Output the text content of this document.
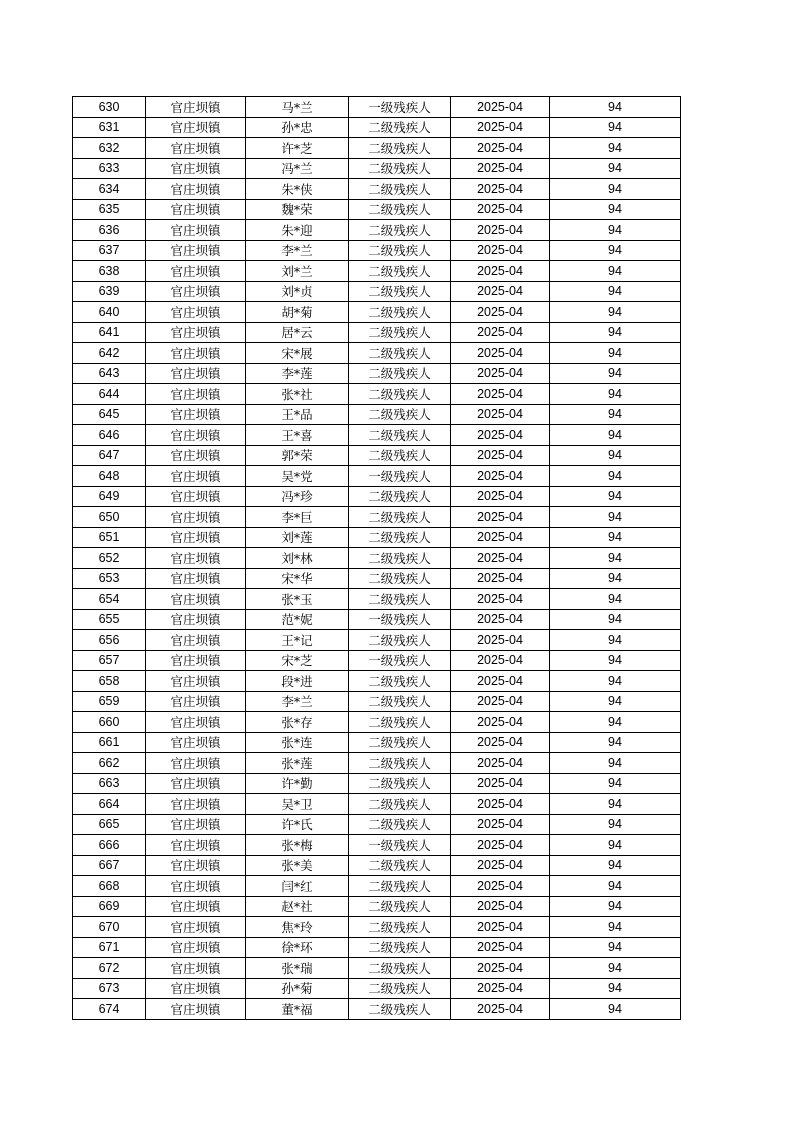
630	官庄坝镇	马*兰	一级残疾人	2025-04	94
631	官庄坝镇	孙*忠	二级残疾人	2025-04	94
632	官庄坝镇	许*芝	二级残疾人	2025-04	94
633	官庄坝镇	冯*兰	二级残疾人	2025-04	94
634	官庄坝镇	朱*侠	二级残疾人	2025-04	94
635	官庄坝镇	魏*荣	二级残疾人	2025-04	94
636	官庄坝镇	朱*迎	二级残疾人	2025-04	94
637	官庄坝镇	李*兰	二级残疾人	2025-04	94
638	官庄坝镇	刘*兰	二级残疾人	2025-04	94
639	官庄坝镇	刘*贞	二级残疾人	2025-04	94
640	官庄坝镇	胡*菊	二级残疾人	2025-04	94
641	官庄坝镇	居*云	二级残疾人	2025-04	94
642	官庄坝镇	宋*展	二级残疾人	2025-04	94
643	官庄坝镇	李*莲	二级残疾人	2025-04	94
644	官庄坝镇	张*社	二级残疾人	2025-04	94
645	官庄坝镇	王*品	二级残疾人	2025-04	94
646	官庄坝镇	王*喜	二级残疾人	2025-04	94
647	官庄坝镇	郭*荣	二级残疾人	2025-04	94
648	官庄坝镇	吴*党	一级残疾人	2025-04	94
649	官庄坝镇	冯*珍	二级残疾人	2025-04	94
650	官庄坝镇	李*巨	二级残疾人	2025-04	94
651	官庄坝镇	刘*莲	二级残疾人	2025-04	94
652	官庄坝镇	刘*林	二级残疾人	2025-04	94
653	官庄坝镇	宋*华	二级残疾人	2025-04	94
654	官庄坝镇	张*玉	二级残疾人	2025-04	94
655	官庄坝镇	范*妮	一级残疾人	2025-04	94
656	官庄坝镇	王*记	二级残疾人	2025-04	94
657	官庄坝镇	宋*芝	一级残疾人	2025-04	94
658	官庄坝镇	段*进	二级残疾人	2025-04	94
659	官庄坝镇	李*兰	二级残疾人	2025-04	94
660	官庄坝镇	张*存	二级残疾人	2025-04	94
661	官庄坝镇	张*连	二级残疾人	2025-04	94
662	官庄坝镇	张*莲	二级残疾人	2025-04	94
663	官庄坝镇	许*勤	二级残疾人	2025-04	94
664	官庄坝镇	吴*卫	二级残疾人	2025-04	94
665	官庄坝镇	许*氏	二级残疾人	2025-04	94
666	官庄坝镇	张*梅	一级残疾人	2025-04	94
667	官庄坝镇	张*美	二级残疾人	2025-04	94
668	官庄坝镇	闫*红	二级残疾人	2025-04	94
669	官庄坝镇	赵*社	二级残疾人	2025-04	94
670	官庄坝镇	焦*玲	二级残疾人	2025-04	94
671	官庄坝镇	徐*环	二级残疾人	2025-04	94
672	官庄坝镇	张*瑞	二级残疾人	2025-04	94
673	官庄坝镇	孙*菊	二级残疾人	2025-04	94
674	官庄坝镇	董*福	二级残疾人	2025-04	94
